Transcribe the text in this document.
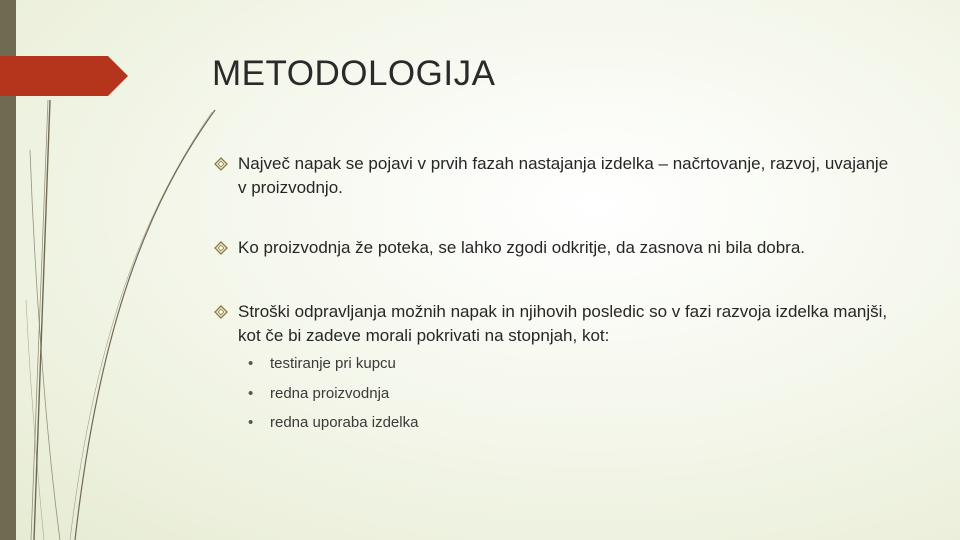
METODOLOGIJA
Največ napak se pojavi v prvih fazah nastajanja izdelka – načrtovanje, razvoj, uvajanje v proizvodnjo.
Ko proizvodnja že poteka, se lahko zgodi odkritje, da zasnova ni bila dobra.
Stroški odpravljanja možnih napak in njihovih posledic so v fazi razvoja izdelka manjši, kot če bi zadeve morali pokrivati na stopnjah, kot:
• testiranje pri kupcu
• redna proizvodnja
• redna uporaba izdelka
